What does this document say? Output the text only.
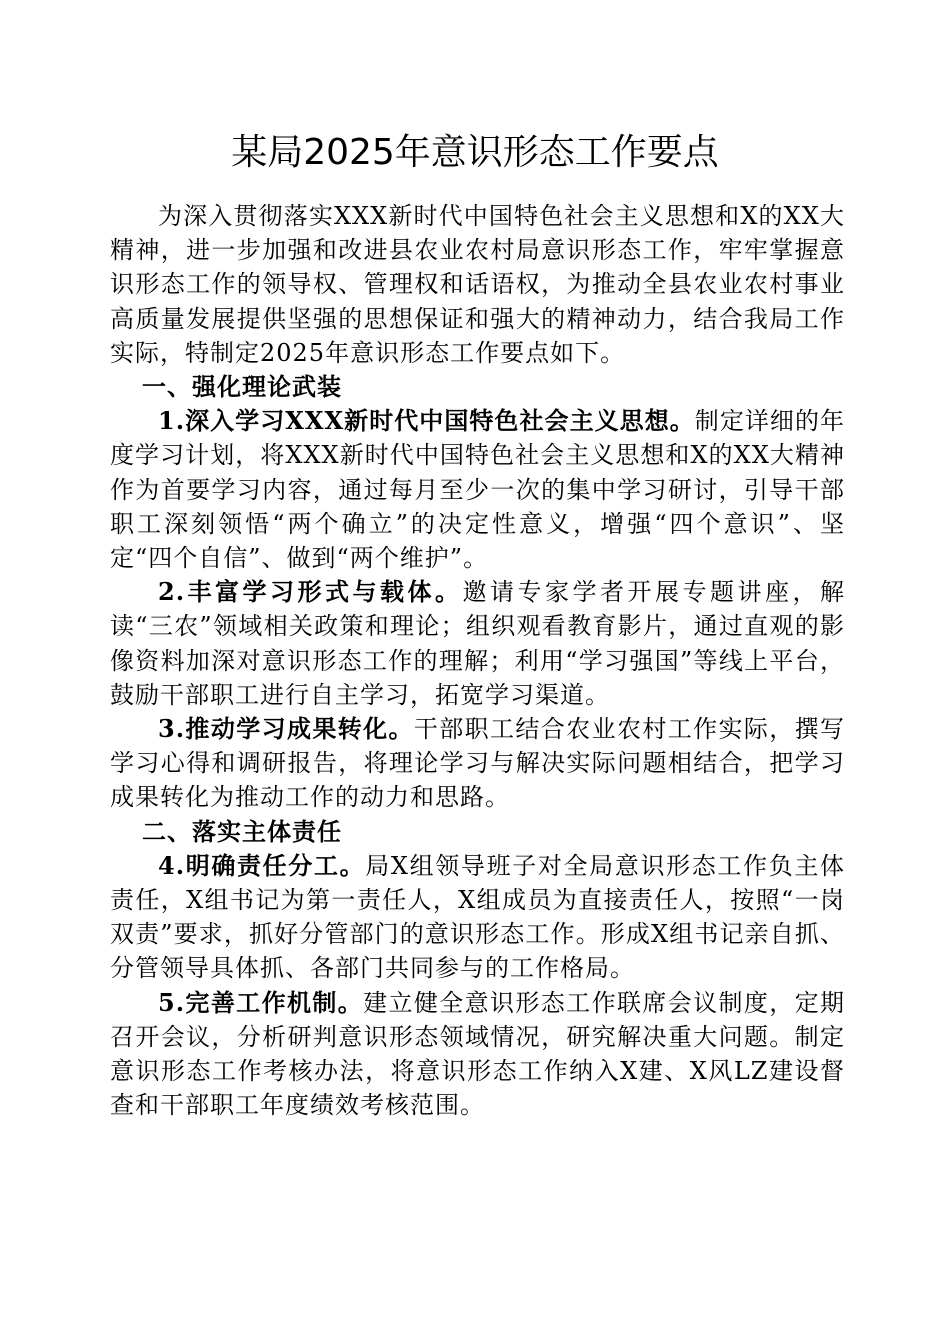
某局2025年意识形态工作要点

为深入贯彻落实XXX新时代中国特色社会主义思想和X的XX大精神，进一步加强和改进县农业农村局意识形态工作，牢牢掌握意识形态工作的领导权、管理权和话语权，为推动全县农业农村事业高质量发展提供坚强的思想保证和强大的精神动力，结合我局工作实际，特制定2025年意识形态工作要点如下。

一、强化理论武装

1.深入学习XXX新时代中国特色社会主义思想。制定详细的年度学习计划，将XXX新时代中国特色社会主义思想和X的XX大精神作为首要学习内容，通过每月至少一次的集中学习研讨，引导干部职工深刻领悟“两个确立”的决定性意义，增强“四个意识”、坚定“四个自信”、做到“两个维护”。

2.丰富学习形式与载体。邀请专家学者开展专题讲座，解读“三农”领域相关政策和理论；组织观看教育影片，通过直观的影像资料加深对意识形态工作的理解；利用“学习强国”等线上平台，鼓励干部职工进行自主学习，拓宽学习渠道。

3.推动学习成果转化。干部职工结合农业农村工作实际，撰写学习心得和调研报告，将理论学习与解决实际问题相结合，把学习成果转化为推动工作的动力和思路。

二、落实主体责任

4.明确责任分工。局X组领导班子对全局意识形态工作负主体责任，X组书记为第一责任人，X组成员为直接责任人，按照“一岗双责”要求，抓好分管部门的意识形态工作。形成X组书记亲自抓、分管领导具体抓、各部门共同参与的工作格局。

5.完善工作机制。建立健全意识形态工作联席会议制度，定期召开会议，分析研判意识形态领域情况，研究解决重大问题。制定意识形态工作考核办法，将意识形态工作纳入X建、X风LZ建设督查和干部职工年度绩效考核范围。
